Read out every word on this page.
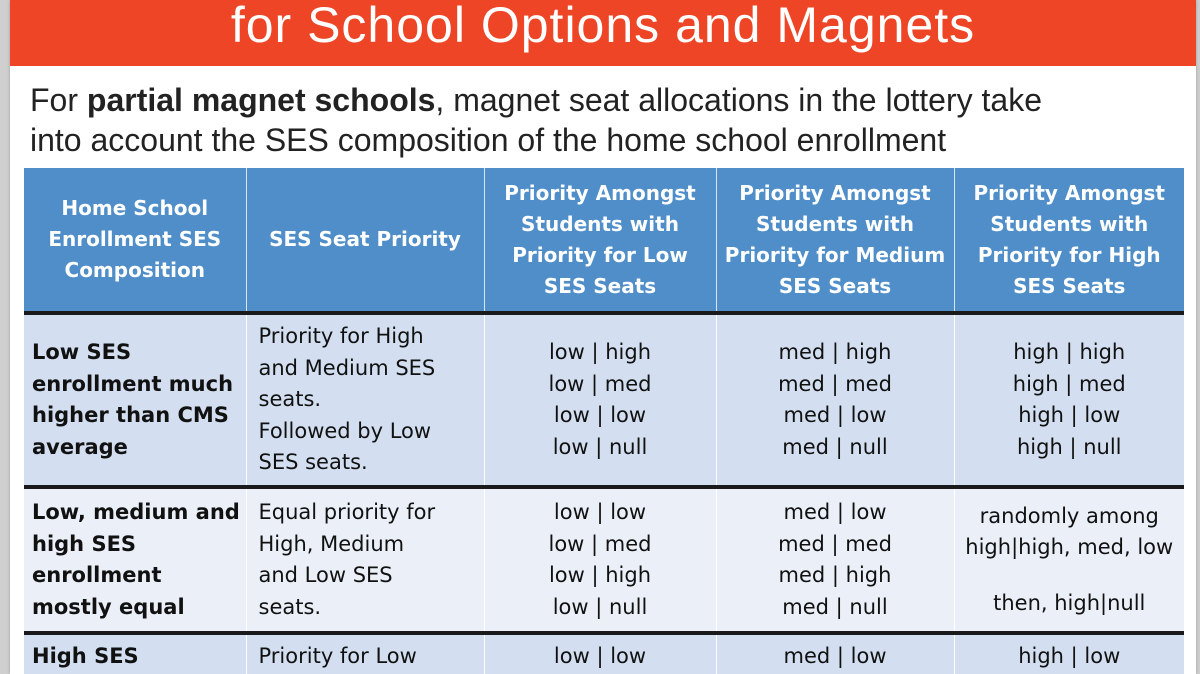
for School Options and Magnets
For partial magnet schools, magnet seat allocations in the lottery take
into account the SES composition of the home school enrollment
Home School Enrollment SES Composition	SES Seat Priority	Priority Amongst Students with Priority for Low SES Seats	Priority Amongst Students with Priority for Medium SES Seats	Priority Amongst Students with Priority for High SES Seats

Low SES
enrollment much
higher than CMS
average	Priority for High
and Medium SES
seats.
Followed by Low
SES seats.	low | high
low | med
low | low
low | null	med | high
med | med
med | low
med | null	high | high
high | med
high | low
high | null

Low, medium and
high SES
enrollment
mostly equal	Equal priority for
High, Medium
and Low SES
seats.	low | low
low | med
low | high
low | null	med | low
med | med
med | high
med | null	randomly among
high|high, med, low
then, high|null

High SES	Priority for Low	low | low	med | low	high | low
